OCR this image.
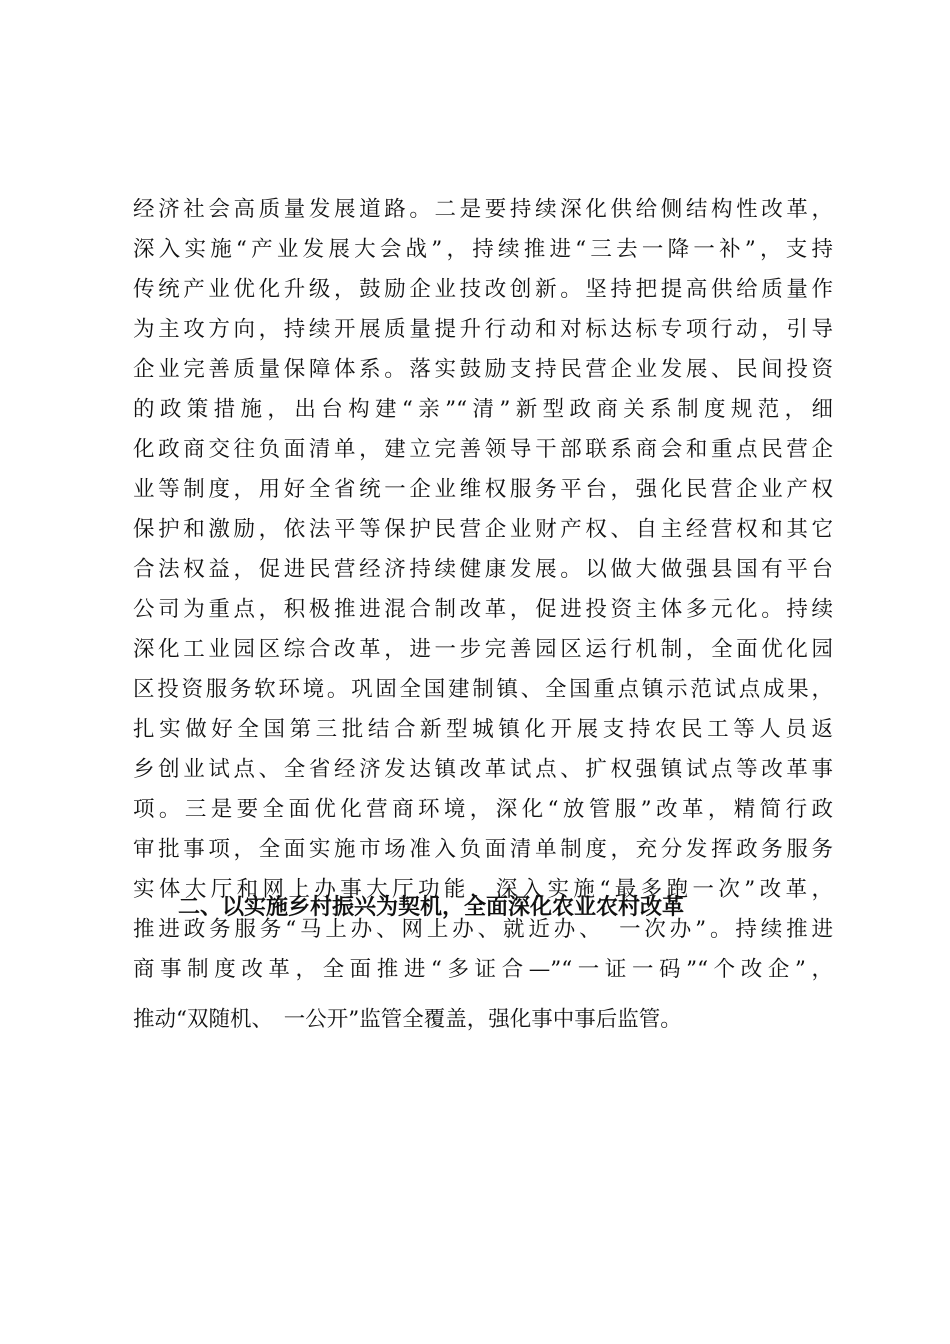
经济社会高质量发展道路。二是要持续深化供给侧结构性改革，
深入实施“产业发展大会战”，持续推进“三去一降一补”，支持
传统产业优化升级，鼓励企业技改创新。坚持把提高供给质量作
为主攻方向，持续开展质量提升行动和对标达标专项行动，引导
企业完善质量保障体系。落实鼓励支持民营企业发展、民间投资
的政策措施，出台构建“亲”“清”新型政商关系制度规范，细
化政商交往负面清单，建立完善领导干部联系商会和重点民营企
业等制度，用好全省统一企业维权服务平台，强化民营企业产权
保护和激励，依法平等保护民营企业财产权、自主经营权和其它
合法权益，促进民营经济持续健康发展。以做大做强县国有平台
公司为重点，积极推进混合制改革，促进投资主体多元化。持续
深化工业园区综合改革，进一步完善园区运行机制，全面优化园
区投资服务软环境。巩固全国建制镇、全国重点镇示范试点成果，
扎实做好全国第三批结合新型城镇化开展支持农民工等人员返
乡创业试点、全省经济发达镇改革试点、扩权强镇试点等改革事
项。三是要全面优化营商环境，深化“放管服”改革，精简行政
审批事项，全面实施市场准入负面清单制度，充分发挥政务服务
实体大厅和网上办事大厅功能，深入实施“最多跑一次”改革，
推进政务服务“马上办、网上办、就近办、　一次办”。持续推进
商事制度改革，全面推进“多证合—”“一证一码”“个改企”，
推动“双随机、　一公开”监管全覆盖，强化事中事后监管。
二、以实施乡村振兴为契机，全面深化农业农村改革
